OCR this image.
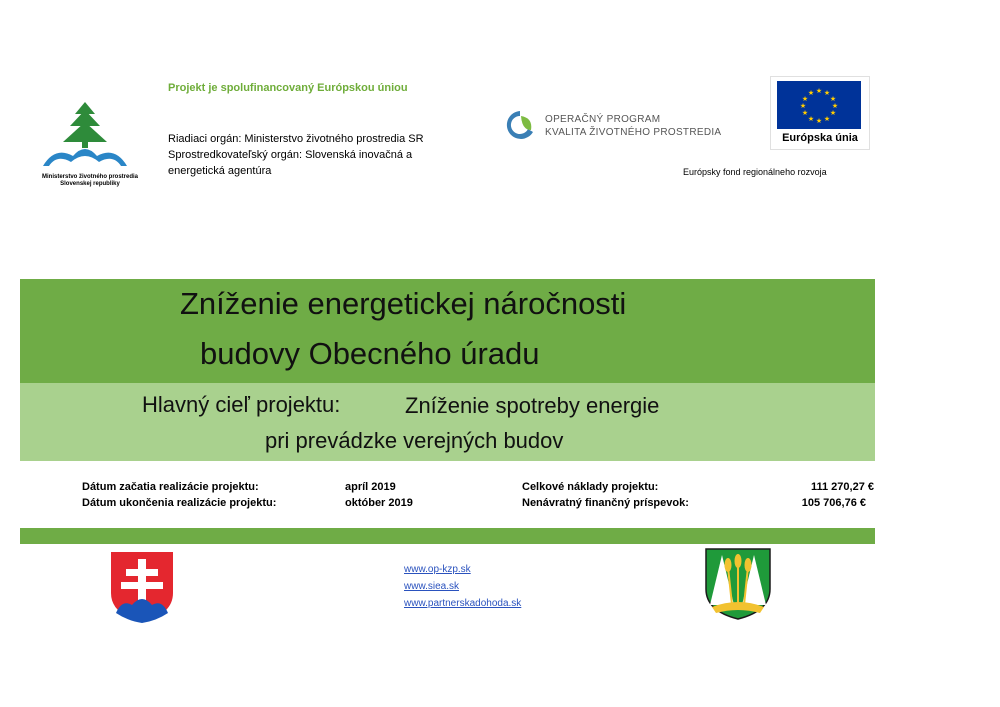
Ministerstvo životného prostredia
Slovenskej republiky
Projekt je spolufinancovaný Európskou úniou
Riadiaci orgán: Ministerstvo životného prostredia SR
Sprostredkovateľský orgán: Slovenská inovačná a
energetická agentúra
OPERAČNÝ PROGRAM
KVALITA ŽIVOTNÉHO PROSTREDIA
★ ★
★
★
★
★
★
★
★
★
★
★
Európska únia
Európsky fond regionálneho rozvoja
Zníženie energetickej náročnosti
budovy Obecného úradu
Hlavný cieľ projektu:	Zníženie spotreby energie
pri prevádzke verejných budov
Dátum začatia realizácie projektu:	apríl 2019
Dátum ukončenia realizácie projektu:	október 2019
Celkové náklady projektu:	111 270,27 €
Nenávratný finančný príspevok:	105 706,76 €
www.op-kzp.sk
www.siea.sk
www.partnerskadohoda.sk
